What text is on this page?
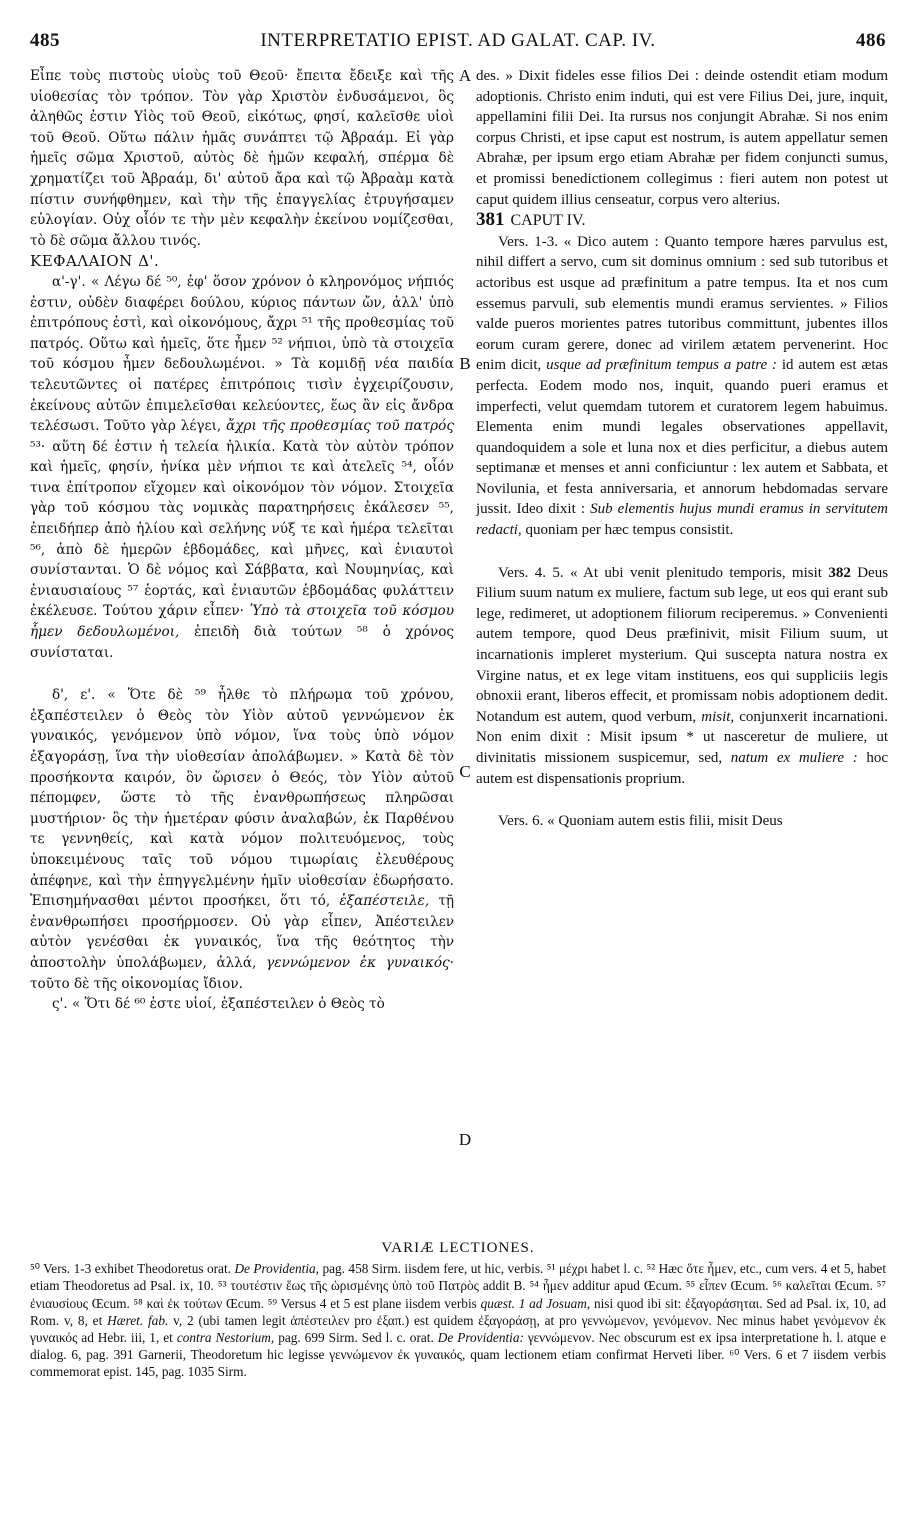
485	INTERPRETATIO EPIST. AD GALAT. CAP. IV.	486

Εἶπε τοὺς πιστοὺς υἱοὺς τοῦ Θεοῦ· ἔπειτα ἔδειξε καὶ τῆς υἱοθεσίας τὸν τρόπον. Τὸν γὰρ Χριστὸν ἐνδυσάμενοι, ὃς ἀληθῶς ἐστιν Υἱὸς τοῦ Θεοῦ, εἰκότως, φησί, καλεῖσθε υἱοὶ τοῦ Θεοῦ. Οὕτω πάλιν ἡμᾶς συνάπτει τῷ Ἀβραάμ. Εἰ γὰρ ἡμεῖς σῶμα Χριστοῦ, αὐτὸς δὲ ἡμῶν κεφαλή, σπέρμα δὲ χρηματίζει τοῦ Ἀβραάμ, δι' αὐτοῦ ἄρα καὶ τῷ Ἀβραὰμ κατὰ πίστιν συνήφθημεν, καὶ τὴν τῆς ἐπαγγελίας ἐτρυγήσαμεν εὐλογίαν. Οὐχ οἷόν τε τὴν μὲν κεφαλὴν ἐκείνου νομίζεσθαι, τὸ δὲ σῶμα ἄλλου τινός.

ΚΕΦΑΛΑΙΟΝ Δ'.

α'-γ'. « Λέγω δέ ⁵⁰, ἐφ' ὅσον χρόνον ὁ κληρονόμος νήπιός ἐστιν, οὐδὲν διαφέρει δούλου, κύριος πάντων ὤν, ἀλλ' ὑπὸ ἐπιτρόπους ἐστὶ, καὶ οἰκονόμους, ἄχρι ⁵¹ τῆς προθεσμίας τοῦ πατρός. Οὕτω καὶ ἡμεῖς, ὅτε ἦμεν ⁵² νήπιοι, ὑπὸ τὰ στοιχεῖα τοῦ κόσμου ἦμεν δεδουλωμένοι. » Τὰ κομιδῇ νέα παιδία τελευτῶντες οἱ πατέρες ἐπιτρόποις τισὶν ἐγχειρίζουσιν, ἐκείνους αὐτῶν ἐπιμελεῖσθαι κελεύοντες, ἕως ἂν εἰς ἄνδρα τελέσωσι. Τοῦτο γὰρ λέγει, ἄχρι τῆς προθεσμίας τοῦ πατρός ⁵³· αὕτη δέ ἐστιν ἡ τελεία ἡλικία. Κατὰ τὸν αὐτὸν τρόπον καὶ ἡμεῖς, φησίν, ἡνίκα μὲν νήπιοι τε καὶ ἀτελεῖς ⁵⁴, οἷόν τινα ἐπίτροπον εἴχομεν καὶ οἰκονόμον τὸν νόμον. Στοιχεῖα γὰρ τοῦ κόσμου τὰς νομικὰς παρατηρήσεις ἐκάλεσεν ⁵⁵, ἐπειδήπερ ἀπὸ ἡλίου καὶ σελήνης νύξ τε καὶ ἡμέρα τελεῖται ⁵⁶, ἀπὸ δὲ ἡμερῶν ἑβδομάδες, καὶ μῆνες, καὶ ἐνιαυτοὶ συνίστανται. Ὁ δὲ νόμος καὶ Σάββατα, καὶ Νουμηνίας, καὶ ἐνιαυσιαίους ⁵⁷ ἑορτάς, καὶ ἐνιαυτῶν ἑβδομάδας φυλάττειν ἐκέλευσε. Τούτου χάριν εἶπεν· Ὑπὸ τὰ στοιχεῖα τοῦ κόσμου ἦμεν δεδουλωμένοι, ἐπειδὴ διὰ τούτων ⁵⁸ ὁ χρόνος συνίσταται.

δ', ε'. « Ὅτε δὲ ⁵⁹ ἦλθε τὸ πλήρωμα τοῦ χρόνου, ἐξαπέστειλεν ὁ Θεὸς τὸν Υἱὸν αὐτοῦ γεννώμενον ἐκ γυναικός, γενόμενον ὑπὸ νόμον, ἵνα τοὺς ὑπὸ νόμον ἐξαγοράσῃ, ἵνα τὴν υἱοθεσίαν ἀπολάβωμεν. » Κατὰ δὲ τὸν προσήκοντα καιρόν, ὃν ὥρισεν ὁ Θεός, τὸν Υἱὸν αὐτοῦ πέπομφεν, ὥστε τὸ τῆς ἐνανθρωπήσεως πληρῶσαι μυστήριον· ὃς τὴν ἡμετέραν φύσιν ἀναλαβών, ἐκ Παρθένου τε γεννηθείς, καὶ κατὰ νόμον πολιτευόμενος, τοὺς ὑποκειμένους ταῖς τοῦ νόμου τιμωρίαις ἐλευθέρους ἀπέφηνε, καὶ τὴν ἐπηγγελμένην ἡμῖν υἱοθεσίαν ἐδωρήσατο. Ἐπισημήνασθαι μέντοι προσήκει, ὅτι τό, ἐξαπέστειλε, τῇ ἐνανθρωπήσει προσήρμοσεν. Οὐ γὰρ εἶπεν, Ἀπέστειλεν αὐτὸν γενέσθαι ἐκ γυναικός, ἵνα τῆς θεότητος τὴν ἀποστολὴν ὑπολάβωμεν, ἀλλά, γεννώμενον ἐκ γυναικός· τοῦτο δὲ τῆς οἰκονομίας ἴδιον.

ς'. « Ὅτι δέ ⁶⁰ ἐστε υἱοί, ἐξαπέστειλεν ὁ Θεὸς τὸ

A
B
C
D

des. » Dixit fideles esse filios Dei : deinde ostendit etiam modum adoptionis. Christo enim induti, qui est vere Filius Dei, jure, inquit, appellamini filii Dei. Ita rursus nos conjungit Abrahæ. Si nos enim corpus Christi, et ipse caput est nostrum, is autem appellatur semen Abrahæ, per ipsum ergo etiam Abrahæ per fidem conjuncti sumus, et promissi benedictionem collegimus : fieri autem non potest ut caput quidem illius censeatur, corpus vero alterius.

381 CAPUT IV.

Vers. 1-3. « Dico autem : Quanto tempore hæres parvulus est, nihil differt a servo, cum sit dominus omnium : sed sub tutoribus et actoribus est usque ad præfinitum a patre tempus. Ita et nos cum essemus parvuli, sub elementis mundi eramus servientes. » Filios valde pueros morientes patres tutoribus committunt, jubentes illos eorum curam gerere, donec ad virilem ætatem pervenerint. Hoc enim dicit, usque ad præfinitum tempus a patre : id autem est ætas perfecta. Eodem modo nos, inquit, quando pueri eramus et imperfecti, velut quemdam tutorem et curatorem legem habuimus. Elementa enim mundi legales observationes appellavit, quandoquidem a sole et luna nox et dies perficitur, a diebus autem septimanæ et menses et anni conficiuntur : lex autem et Sabbata, et Novilunia, et festa anniversaria, et annorum hebdomadas servare jussit. Ideo dixit : Sub elementis hujus mundi eramus in servitutem redacti, quoniam per hæc tempus consistit.

Vers. 4. 5. « At ubi venit plenitudo temporis, misit 382 Deus Filium suum natum ex muliere, factum sub lege, ut eos qui erant sub lege, redimeret, ut adoptionem filiorum reciperemus. » Convenienti autem tempore, quod Deus præfinivit, misit Filium suum, ut incarnationis impleret mysterium. Qui suscepta natura nostra ex Virgine natus, et ex lege vitam instituens, eos qui suppliciis legis obnoxii erant, liberos effecit, et promissam nobis adoptionem dedit. Notandum est autem, quod verbum, misit, conjunxerit incarnationi. Non enim dixit : Misit ipsum * ut nasceretur de muliere, ut divinitatis missionem suspicemur, sed, natum ex muliere : hoc autem est dispensationis proprium.

Vers. 6. « Quoniam autem estis filii, misit Deus

VARIÆ LECTIONES.

⁵⁰ Vers. 1-3 exhibet Theodoretus orat. De Providentia, pag. 458 Sirm. iisdem fere, ut hic, verbis. ⁵¹ μέχρι habet l. c. ⁵² Hæc ὅτε ἦμεν, etc., cum vers. 4 et 5, habet etiam Theodoretus ad Psal. ix, 10. ⁵³ τουτέστιν ἕως τῆς ὡρισμένης ὑπὸ τοῦ Πατρὸς addit B. ⁵⁴ ἦμεν additur apud Œcum. ⁵⁵ εἶπεν Œcum. ⁵⁶ καλεῖται Œcum. ⁵⁷ ἐνιαυσίους Œcum. ⁵⁸ καὶ ἐκ τούτων Œcum. ⁵⁹ Versus 4 et 5 est plane iisdem verbis quæst. 1 ad Josuam, nisi quod ibi sit: ἐξαγοράσηται. Sed ad Psal. ix, 10, ad Rom. v, 8, et Hæret. fab. v, 2 (ubi tamen legit ἀπέστειλεν pro ἐξαπ.) est quidem ἐξαγοράσῃ, at pro γεννώμενον, γενόμενον. Nec minus habet γενόμενον ἐκ γυναικός ad Hebr. iii, 1, et contra Nestorium, pag. 699 Sirm. Sed l. c. orat. De Providentia: γεννώμενον. Nec obscurum est ex ipsa interpretatione h. l. atque e dialog. 6, pag. 391 Garnerii, Theodoretum hic legisse γεννώμενον ἐκ γυναικός, quam lectionem etiam confirmat Herveti liber. ⁶⁰ Vers. 6 et 7 iisdem verbis commemorat epist. 145, pag. 1035 Sirm.
